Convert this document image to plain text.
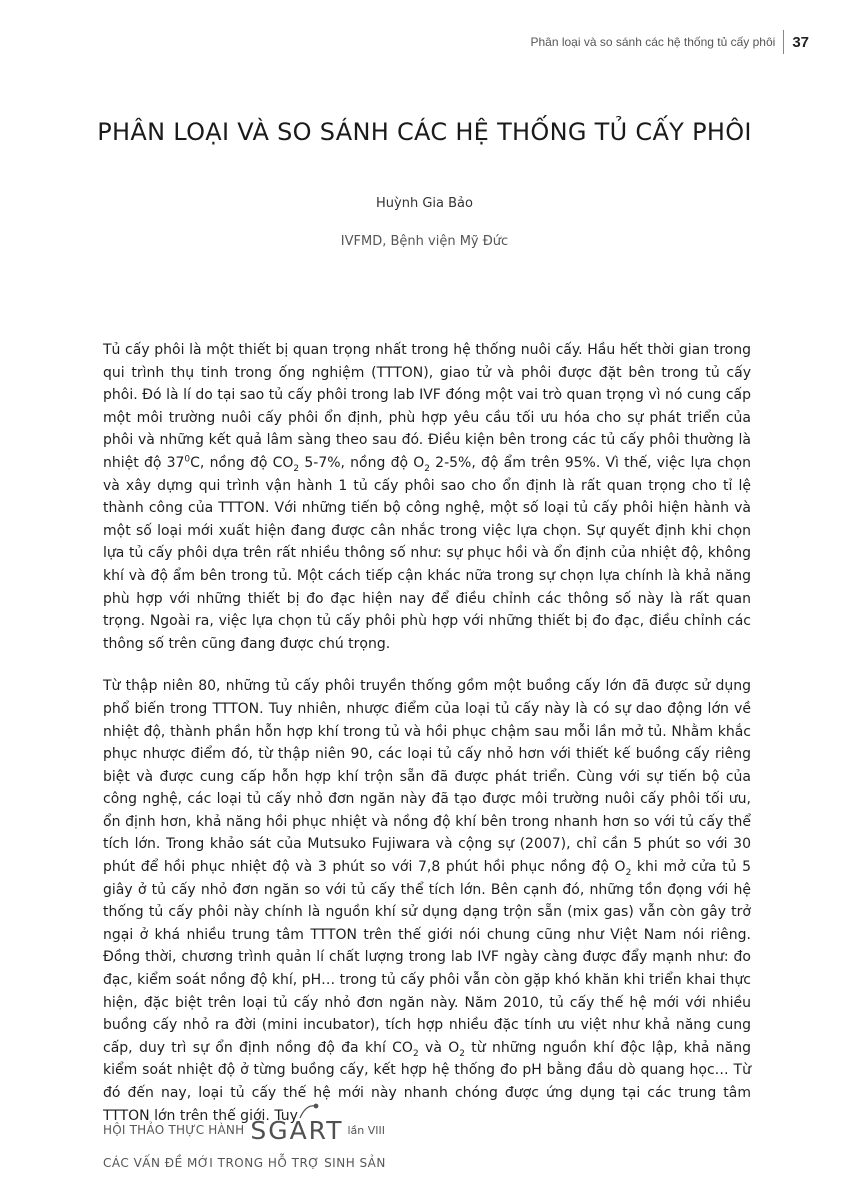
Phân loại và so sánh các hệ thống tủ cấy phôi	37
PHÂN LOẠI VÀ SO SÁNH CÁC HỆ THỐNG TỦ CẤY PHÔI
Huỳnh Gia Bảo
IVFMD, Bệnh viện Mỹ Đức

Tủ cấy phôi là một thiết bị quan trọng nhất trong hệ thống nuôi cấy. Hầu hết thời gian trong qui trình thụ tinh trong ống nghiệm (TTTON), giao tử và phôi được đặt bên trong tủ cấy phôi. Đó là lí do tại sao tủ cấy phôi trong lab IVF đóng một vai trò quan trọng vì nó cung cấp một môi trường nuôi cấy phôi ổn định, phù hợp yêu cầu tối ưu hóa cho sự phát triển của phôi và những kết quả lâm sàng theo sau đó. Điều kiện bên trong các tủ cấy phôi thường là nhiệt độ $37^0C$, nồng độ $CO_2$ 5-7%, nồng độ $O_2$ 2-5%, độ ẩm trên 95%. Vì thế, việc lựa chọn và xây dựng qui trình vận hành 1 tủ cấy phôi sao cho ổn định là rất quan trọng cho tỉ lệ thành công của TTTON. Với những tiến bộ công nghệ, một số loại tủ cấy phôi hiện hành và một số loại mới xuất hiện đang được cân nhắc trong việc lựa chọn. Sự quyết định khi chọn lựa tủ cấy phôi dựa trên rất nhiều thông số như: sự phục hồi và ổn định của nhiệt độ, không khí và độ ẩm bên trong tủ. Một cách tiếp cận khác nữa trong sự chọn lựa chính là khả năng phù hợp với những thiết bị đo đạc hiện nay để điều chỉnh các thông số này là rất quan trọng. Ngoài ra, việc lựa chọn tủ cấy phôi phù hợp với những thiết bị đo đạc, điều chỉnh các thông số trên cũng đang được chú trọng.

Từ thập niên 80, những tủ cấy phôi truyền thống gồm một buồng cấy lớn đã được sử dụng phổ biến trong TTTON. Tuy nhiên, nhược điểm của loại tủ cấy này là có sự dao động lớn về nhiệt độ, thành phần hỗn hợp khí trong tủ và hồi phục chậm sau mỗi lần mở tủ. Nhằm khắc phục nhược điểm đó, từ thập niên 90, các loại tủ cấy nhỏ hơn với thiết kế buồng cấy riêng biệt và được cung cấp hỗn hợp khí trộn sẵn đã được phát triển. Cùng với sự tiến bộ của công nghệ, các loại tủ cấy nhỏ đơn ngăn này đã tạo được môi trường nuôi cấy phôi tối ưu, ổn định hơn, khả năng hồi phục nhiệt và nồng độ khí bên trong nhanh hơn so với tủ cấy thể tích lớn. Trong khảo sát của Mutsuko Fujiwara và cộng sự (2007), chỉ cần 5 phút so với 30 phút để hồi phục nhiệt độ và 3 phút so với 7,8 phút hồi phục nồng độ $O_2$ khi mở cửa tủ 5 giây ở tủ cấy nhỏ đơn ngăn so với tủ cấy thể tích lớn. Bên cạnh đó, những tồn đọng với hệ thống tủ cấy phôi này chính là nguồn khí sử dụng dạng trộn sẵn (mix gas) vẫn còn gây trở ngại ở khá nhiều trung tâm TTTON trên thế giới nói chung cũng như Việt Nam nói riêng. Đồng thời, chương trình quản lí chất lượng trong lab IVF ngày càng được đẩy mạnh như: đo đạc, kiểm soát nồng độ khí, pH… trong tủ cấy phôi vẫn còn gặp khó khăn khi triển khai thực hiện, đặc biệt trên loại tủ cấy nhỏ đơn ngăn này. Năm 2010, tủ cấy thế hệ mới với nhiều buồng cấy nhỏ ra đời (mini incubator), tích hợp nhiều đặc tính ưu việt như khả năng cung cấp, duy trì sự ổn định nồng độ đa khí $CO_2$ và $O_2$ từ những nguồn khí độc lập, khả năng kiểm soát nhiệt độ ở từng buồng cấy, kết hợp hệ thống đo pH bằng đầu dò quang học… Từ đó đến nay, loại tủ cấy thế hệ mới này nhanh chóng được ứng dụng tại các trung tâm TTTON lớn trên thế giới. Tuy

HỘI THẢO THỰC HÀNH SGART lần VIII
CÁC VẤN ĐỀ MỚI TRONG HỖ TRỢ SINH SẢN
